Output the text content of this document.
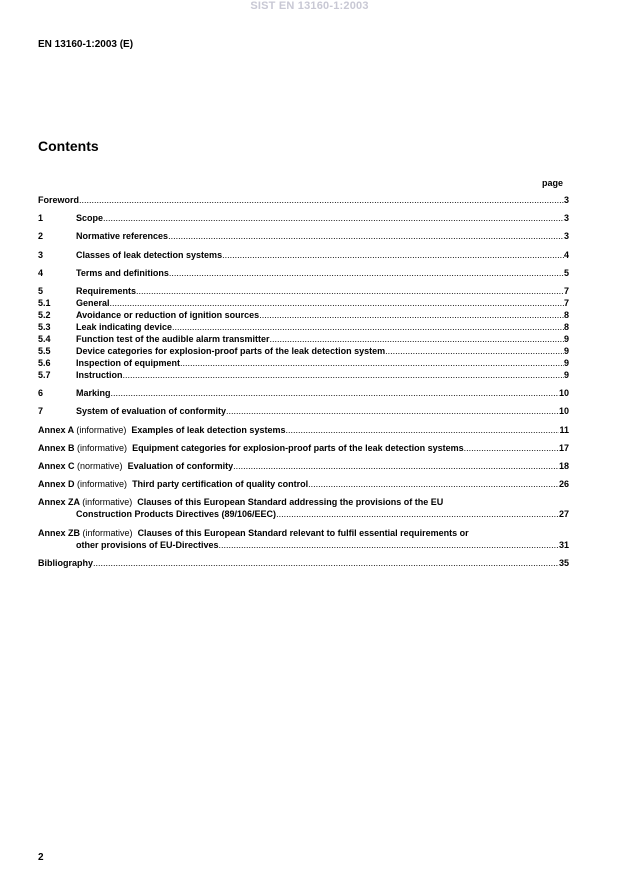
SIST EN 13160-1:2003
EN 13160-1:2003 (E)
Contents
page
Foreword .....	3
1	Scope .....	3
2	Normative references .....	3
3	Classes of leak detection systems .....	4
4	Terms and definitions .....	5
5	Requirements .....	7
5.1	General .....	7
5.2	Avoidance or reduction of ignition sources .....	8
5.3	Leak indicating device .....	8
5.4	Function test of the audible alarm transmitter .....	9
5.5	Device categories for explosion-proof parts of the leak detection system .....	9
5.6	Inspection of equipment .....	9
5.7	Instruction .....	9
6	Marking .....	10
7	System of evaluation of conformity .....	10
Annex A (informative) Examples of leak detection systems .....	11
Annex B (informative) Equipment categories for explosion-proof parts of the leak detection systems .....	17
Annex C (normative) Evaluation of conformity .....	18
Annex D (informative) Third party certification of quality control .....	26
Annex ZA (informative) Clauses of this European Standard addressing the provisions of the EU
Construction Products Directives (89/106/EEC) .....	27
Annex ZB (informative) Clauses of this European Standard relevant to fulfil essential requirements or
other provisions of EU-Directives .....	31
Bibliography .....	35
2
